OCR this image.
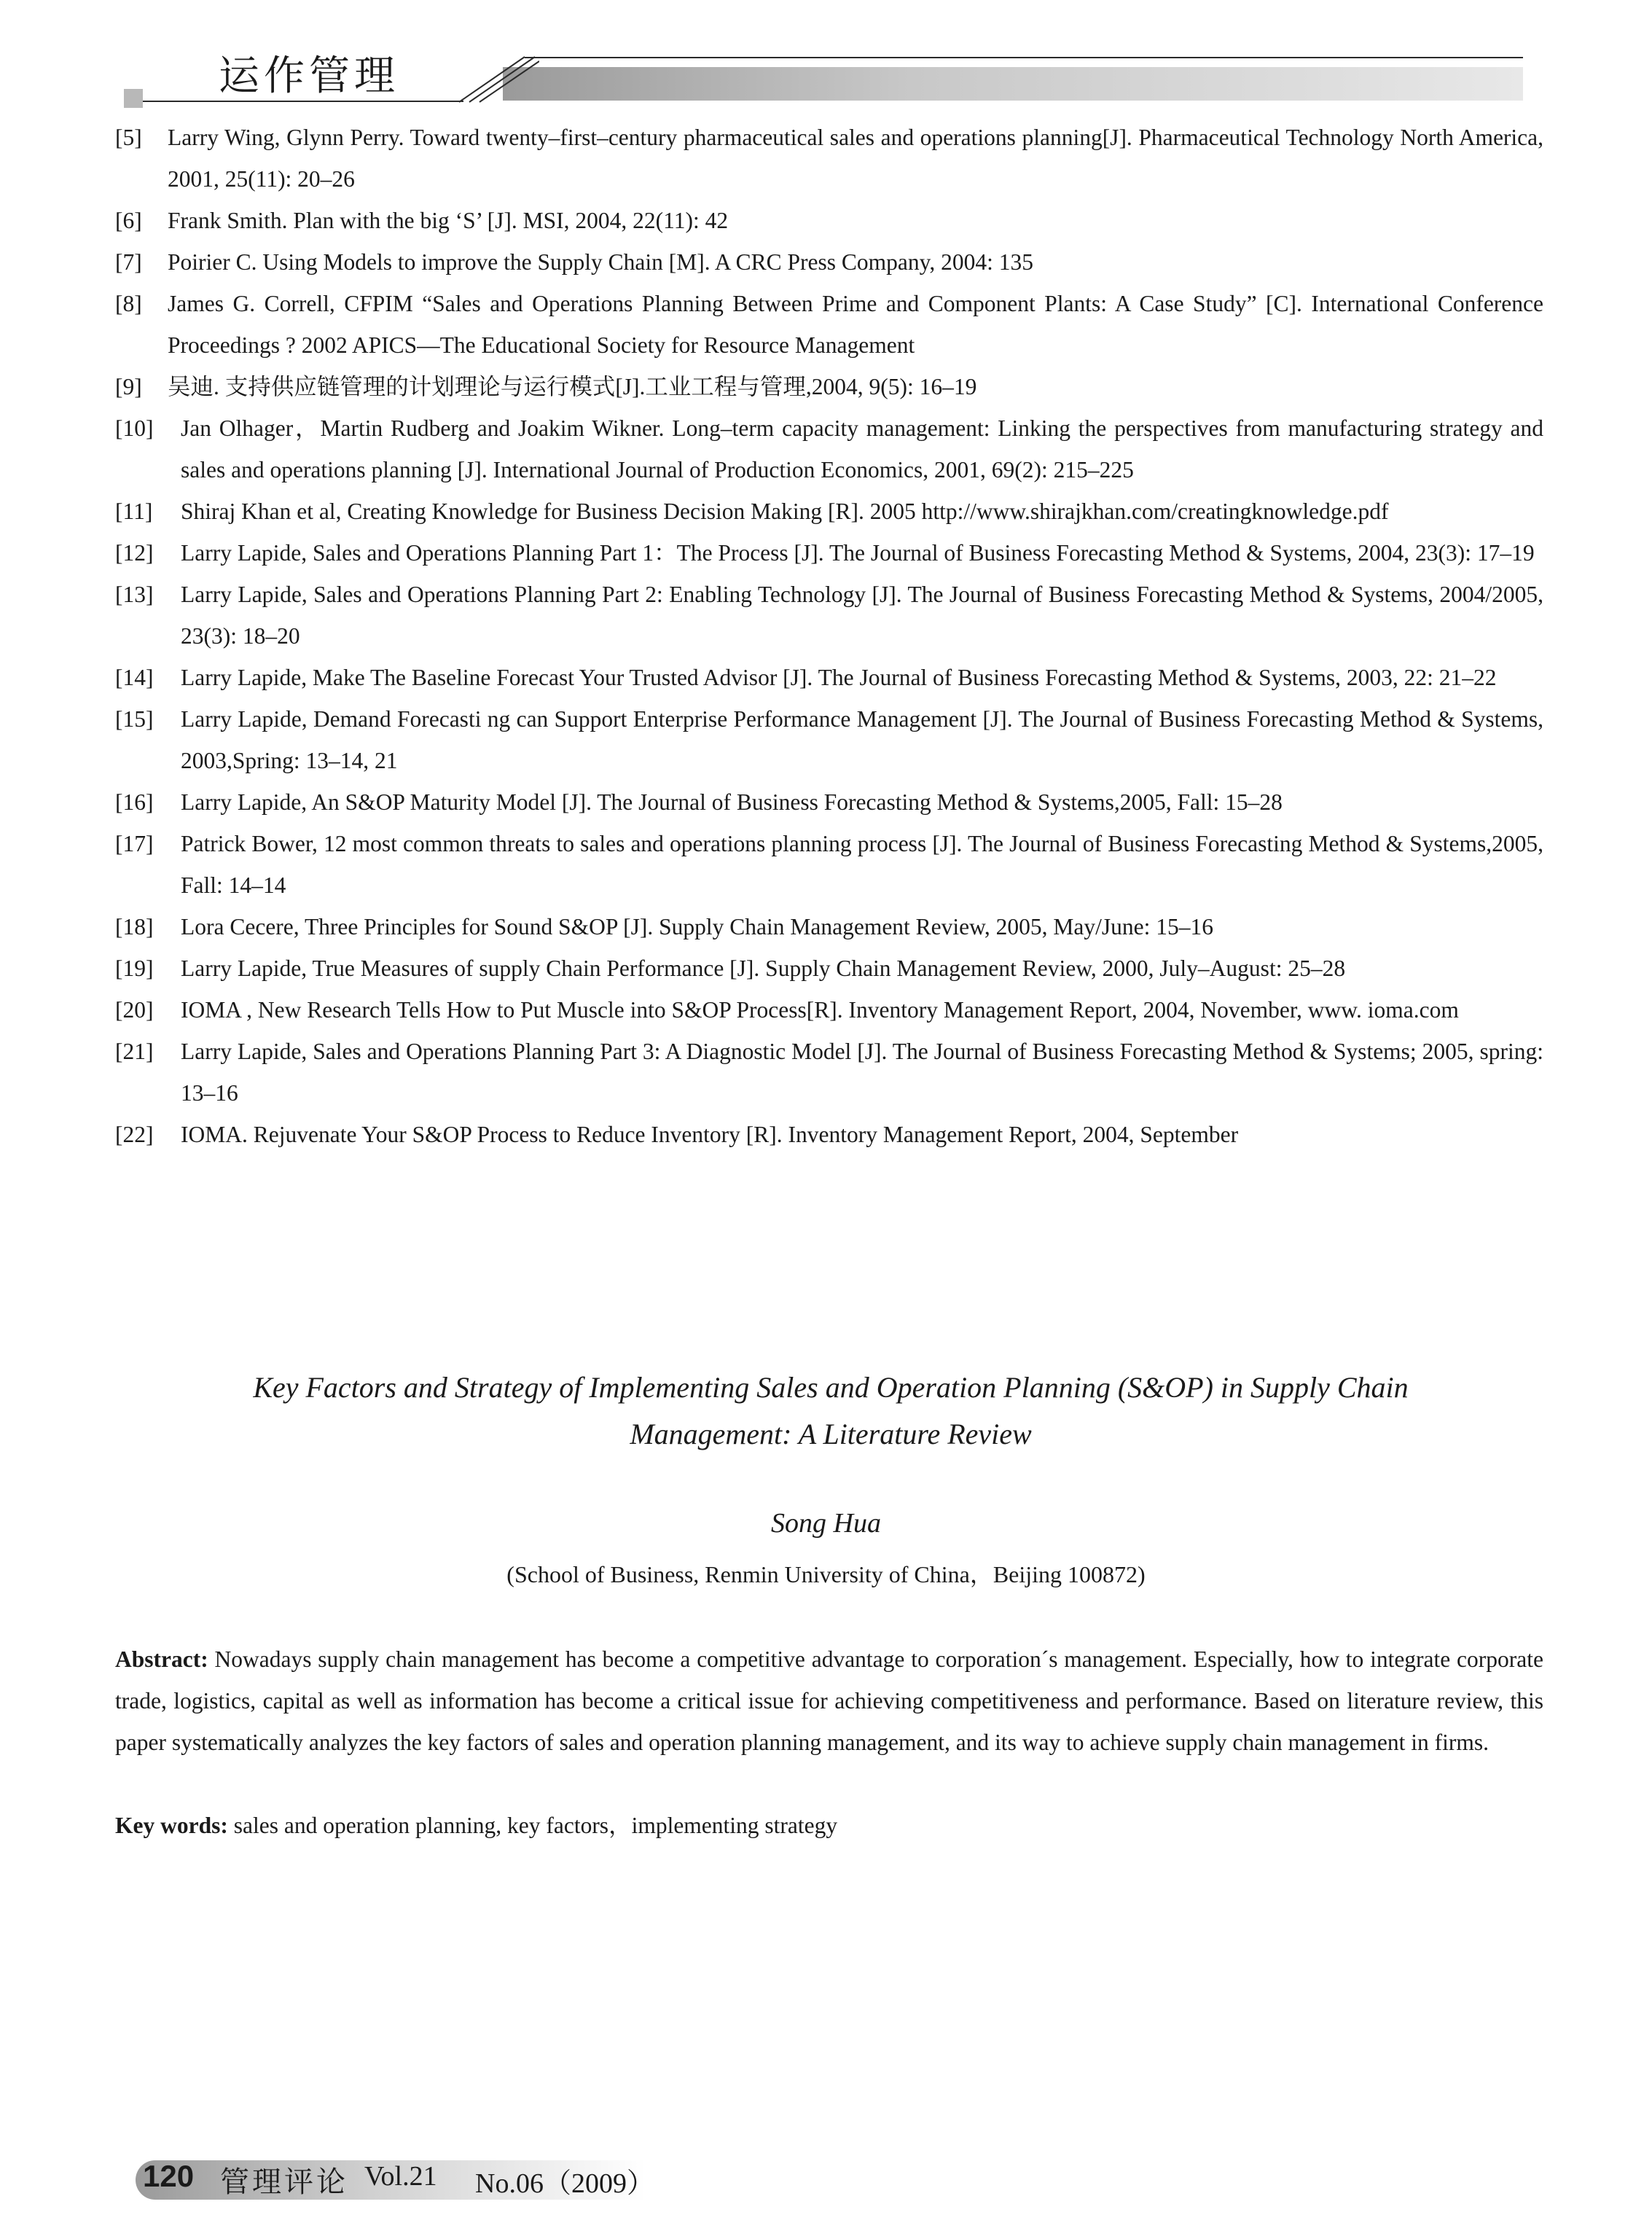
运作管理
[5]	Larry Wing, Glynn Perry. Toward twenty–first–century pharmaceutical sales and operations planning[J]. Pharmaceutical Technology North America, 2001, 25(11): 20–26
[6]	Frank Smith. Plan with the big ‘S’ [J]. MSI, 2004, 22(11): 42
[7]	Poirier C. Using Models to improve the Supply Chain [M]. A CRC Press Company, 2004: 135
[8]	James G. Correll, CFPIM “Sales and Operations Planning Between Prime and Component Plants: A Case Study” [C]. International Conference Proceedings ? 2002 APICS—The Educational Society for Resource Management
[9]	吴迪. 支持供应链管理的计划理论与运行模式[J].工业工程与管理,2004, 9(5): 16–19
[10]	Jan Olhager，Martin Rudberg and Joakim Wikner. Long–term capacity management: Linking the perspectives from manufacturing strategy and sales and operations planning [J]. International Journal of Production Economics, 2001, 69(2): 215–225
[11]	Shiraj Khan et al, Creating Knowledge for Business Decision Making [R]. 2005 http://www.shirajkhan.com/creatingknowledge.pdf
[12]	Larry Lapide, Sales and Operations Planning Part 1：The Process [J]. The Journal of Business Forecasting Method & Systems, 2004, 23(3): 17–19
[13]	Larry Lapide, Sales and Operations Planning Part 2: Enabling Technology [J]. The Journal of Business Forecasting Method & Systems, 2004/2005, 23(3): 18–20
[14]	Larry Lapide, Make The Baseline Forecast Your Trusted Advisor [J]. The Journal of Business Forecasting Method & Systems, 2003, 22: 21–22
[15]	Larry Lapide, Demand Forecasti ng can Support Enterprise Performance Management [J]. The Journal of Business Forecasting Method & Systems, 2003,Spring: 13–14, 21
[16]	Larry Lapide, An S&OP Maturity Model [J]. The Journal of Business Forecasting Method & Systems,2005, Fall: 15–28
[17]	Patrick Bower, 12 most common threats to sales and operations planning process [J]. The Journal of Business Forecasting Method & Systems,2005, Fall: 14–14
[18]	Lora Cecere, Three Principles for Sound S&OP [J]. Supply Chain Management Review, 2005, May/June: 15–16
[19]	Larry Lapide, True Measures of supply Chain Performance [J]. Supply Chain Management Review, 2000, July–August: 25–28
[20]	IOMA , New Research Tells How to Put Muscle into S&OP Process[R]. Inventory Management Report, 2004, November, www. ioma.com
[21]	Larry Lapide, Sales and Operations Planning Part 3: A Diagnostic Model [J]. The Journal of Business Forecasting Method & Systems; 2005, spring: 13–16
[22]	IOMA. Rejuvenate Your S&OP Process to Reduce Inventory [R]. Inventory Management Report, 2004, September
Key Factors and Strategy of Implementing Sales and Operation Planning (S&OP) in Supply Chain
Management: A Literature Review
Song Hua
(School of Business, Renmin University of China，Beijing 100872)
Abstract: Nowadays supply chain management has become a competitive advantage to corporation´s management. Especially, how to integrate corporate trade, logistics, capital as well as information has become a critical issue for achieving competitiveness and performance. Based on literature review, this paper systematically analyzes the key factors of sales and operation planning management, and its way to achieve supply chain management in firms.
Key words: sales and operation planning, key factors，implementing strategy
120 管理评论 Vol.21 No.06（2009）
